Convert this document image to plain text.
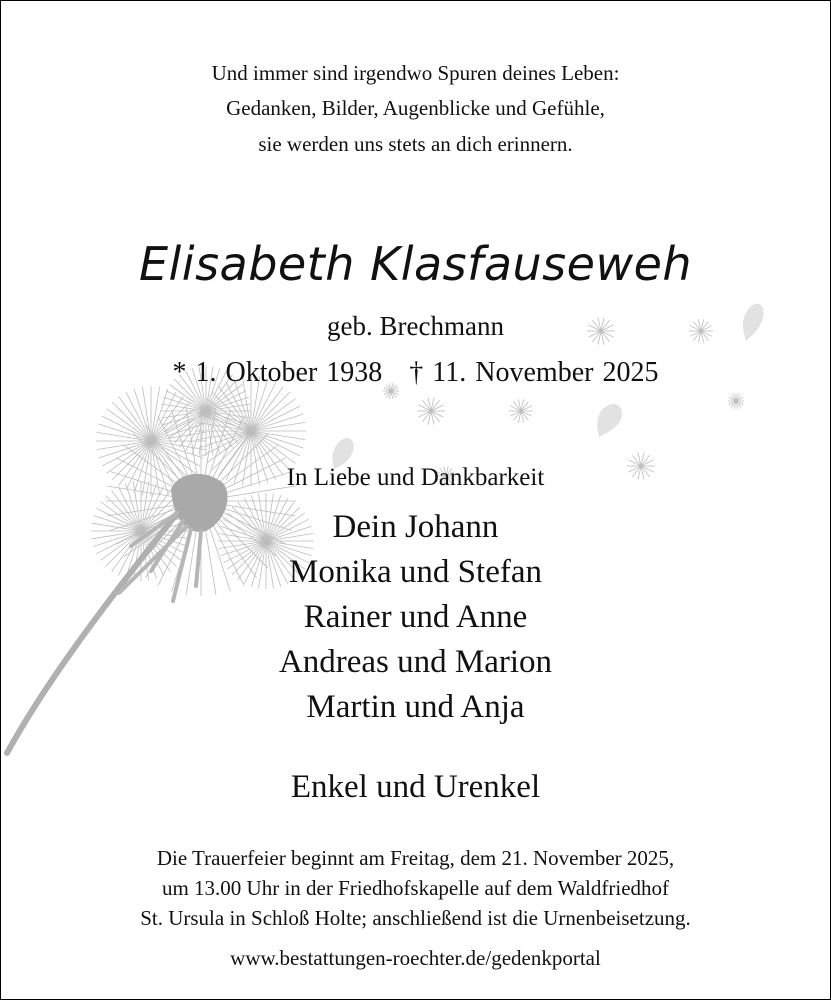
Und immer sind irgendwo Spuren deines Leben:
Gedanken, Bilder, Augenblicke und Gefühle,
sie werden uns stets an dich erinnern.
Elisabeth Klasfauseweh
geb. Brechmann
* 1. Oktober 1938   † 11. November 2025
In Liebe und Dankbarkeit
Dein Johann
Monika und Stefan
Rainer und Anne
Andreas und Marion
Martin und Anja
Enkel und Urenkel
Die Trauerfeier beginnt am Freitag, dem 21. November 2025,
um 13.00 Uhr in der Friedhofskapelle auf dem Waldfriedhof
St. Ursula in Schloß Holte; anschließend ist die Urnenbeisetzung.
www.bestattungen-roechter.de/gedenkportal
